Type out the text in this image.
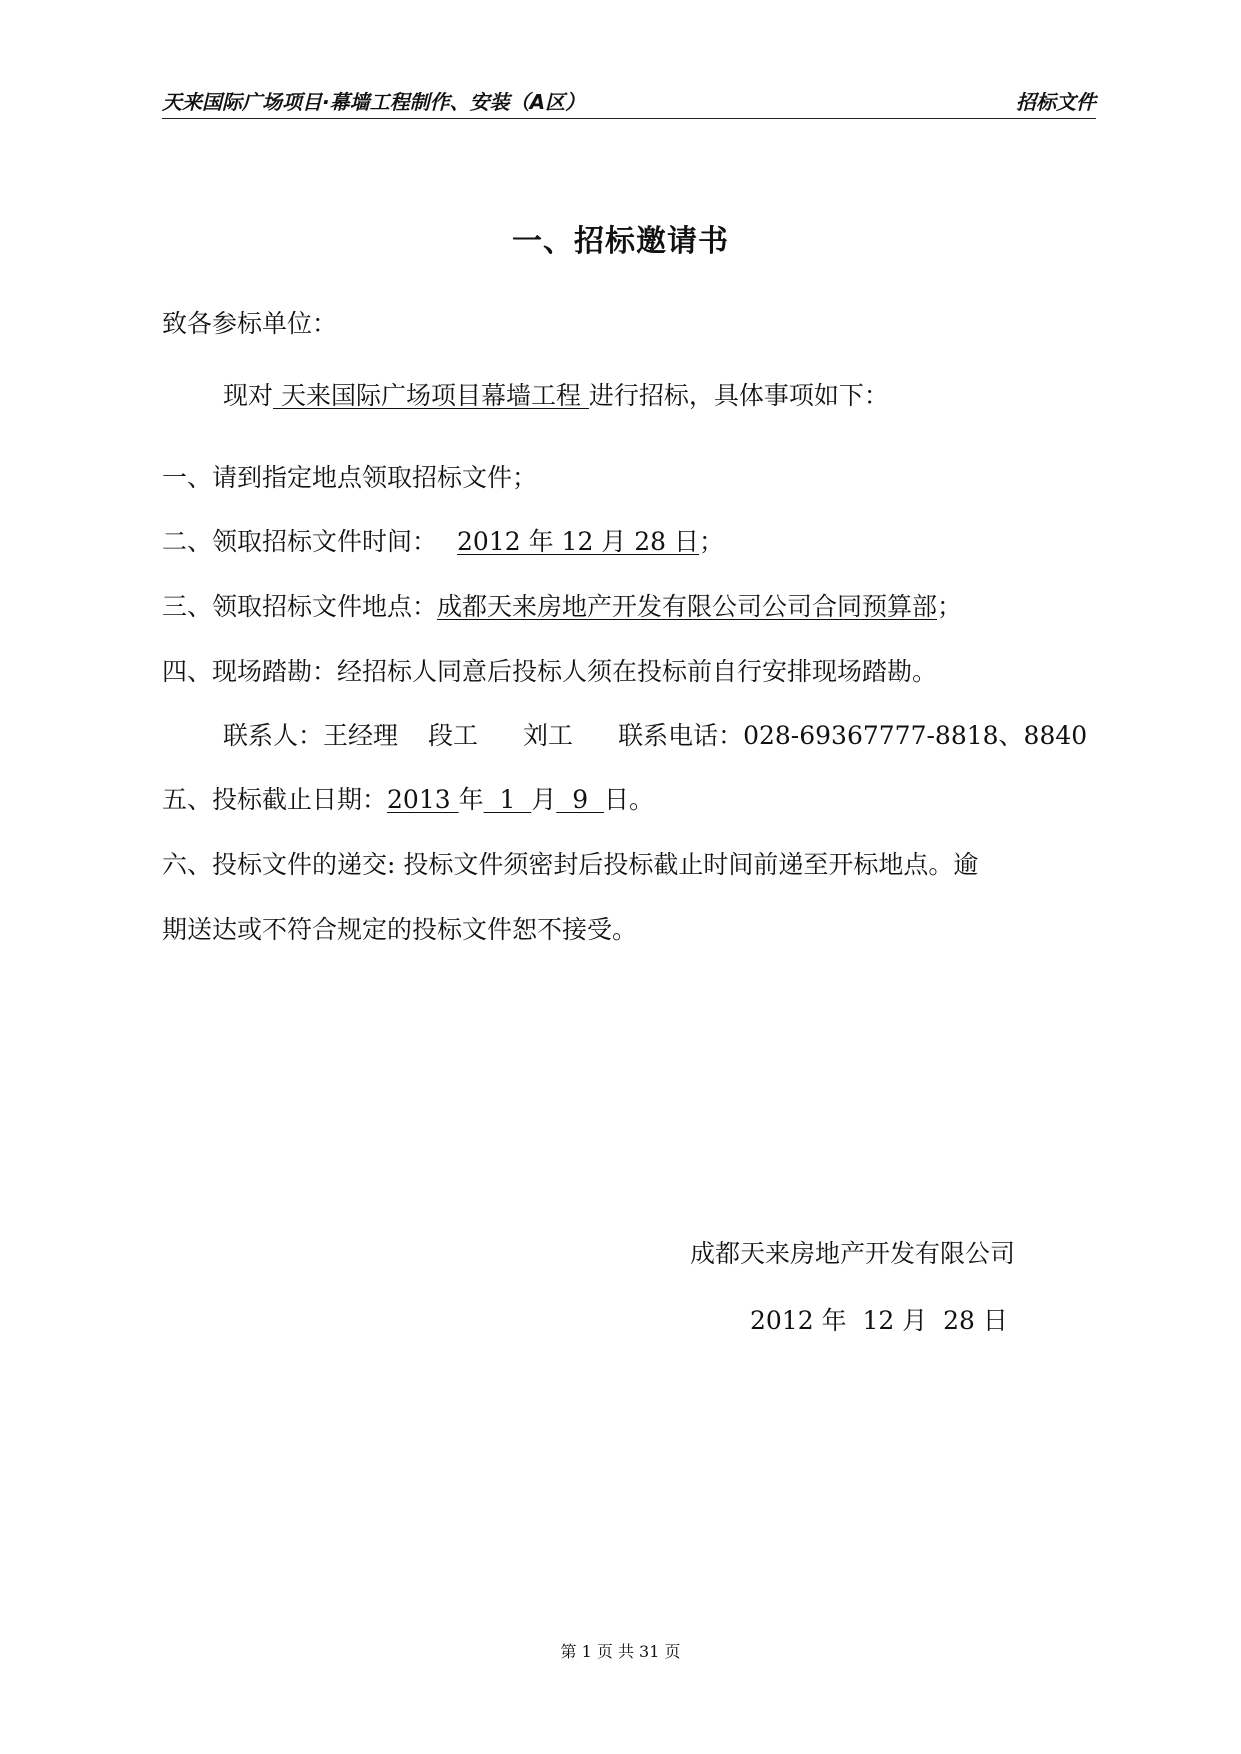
天来国际广场项目·幕墙工程制作、安装（A区）	招标文件
一、招标邀请书
致各参标单位：
现对 天来国际广场项目幕墙工程 进行招标，具体事项如下：
一、请到指定地点领取招标文件；
二、领取招标文件时间： 2012 年 12 月 28 日；
三、领取招标文件地点：成都天来房地产开发有限公司公司合同预算部；
四、现场踏勘：经招标人同意后投标人须在投标前自行安排现场踏勘。
联系人：王经理 段工 刘工 联系电话：028-69367777-8818、8840
五、投标截止日期：2013 年  1  月  9  日。
六、投标文件的递交: 投标文件须密封后投标截止时间前递至开标地点。逾
期送达或不符合规定的投标文件恕不接受。
成都天来房地产开发有限公司
2012 年  12 月  28 日
第 1 页 共 31 页
